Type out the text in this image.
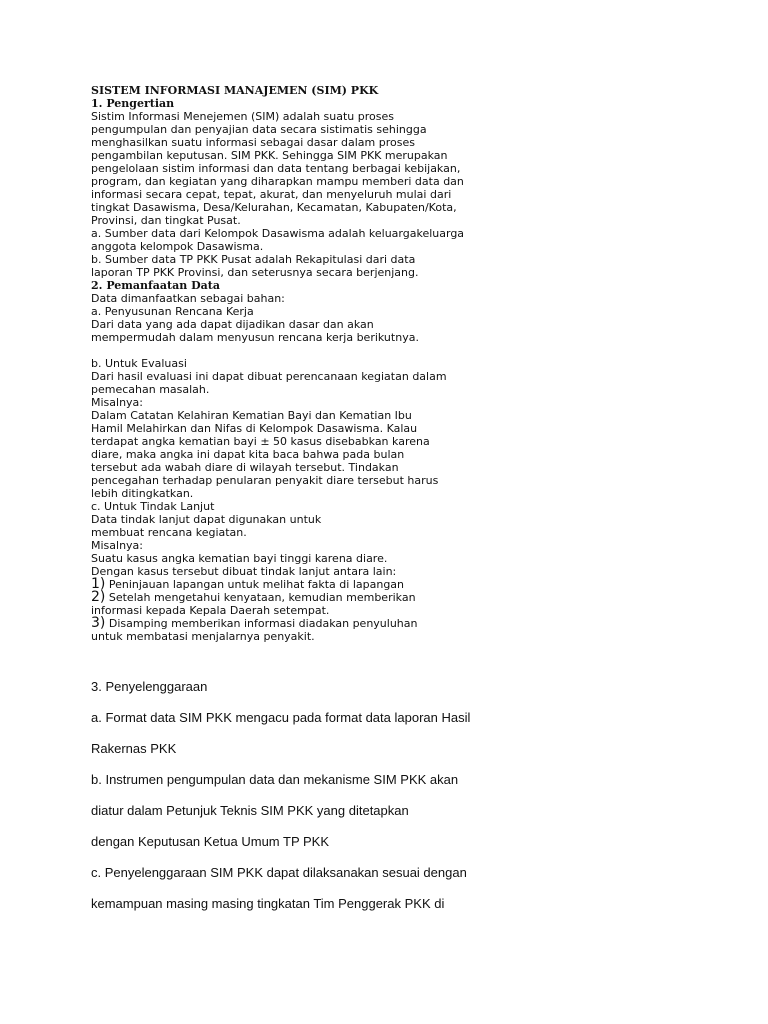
SISTEM INFORMASI MANAJEMEN (SIM) PKK
1. Pengertian
Sistim Informasi Menejemen (SIM) adalah suatu proses
pengumpulan dan penyajian data secara sistimatis sehingga
menghasilkan suatu informasi sebagai dasar dalam proses
pengambilan keputusan. SIM PKK. Sehingga SIM PKK merupakan
pengelolaan sistim informasi dan data tentang berbagai kebijakan,
program, dan kegiatan yang diharapkan mampu memberi data dan
informasi secara cepat, tepat, akurat, dan menyeluruh mulai dari
tingkat Dasawisma, Desa/Kelurahan, Kecamatan, Kabupaten/Kota,
Provinsi, dan tingkat Pusat.
a. Sumber data dari Kelompok Dasawisma adalah keluargakeluarga
anggota kelompok Dasawisma.
b. Sumber data TP PKK Pusat adalah Rekapitulasi dari data
laporan TP PKK Provinsi, dan seterusnya secara berjenjang.
2. Pemanfaatan Data
Data dimanfaatkan sebagai bahan:
a. Penyusunan Rencana Kerja
Dari data yang ada dapat dijadikan dasar dan akan
mempermudah dalam menyusun rencana kerja berikutnya.
b. Untuk Evaluasi
Dari hasil evaluasi ini dapat dibuat perencanaan kegiatan dalam
pemecahan masalah.
Misalnya:
Dalam Catatan Kelahiran Kematian Bayi dan Kematian Ibu
Hamil Melahirkan dan Nifas di Kelompok Dasawisma. Kalau
terdapat angka kematian bayi ± 50 kasus disebabkan karena
diare, maka angka ini dapat kita baca bahwa pada bulan
tersebut ada wabah diare di wilayah tersebut. Tindakan
pencegahan terhadap penularan penyakit diare tersebut harus
lebih ditingkatkan.
c. Untuk Tindak Lanjut
Data tindak lanjut dapat digunakan untuk
membuat rencana kegiatan.
Misalnya:
Suatu kasus angka kematian bayi tinggi karena diare.
Dengan kasus tersebut dibuat tindak lanjut antara lain:
1) Peninjauan lapangan untuk melihat fakta di lapangan
2) Setelah mengetahui kenyataan, kemudian memberikan
informasi kepada Kepala Daerah setempat.
3) Disamping memberikan informasi diadakan penyuluhan
untuk membatasi menjalarnya penyakit.
3. Penyelenggaraan
a. Format data SIM PKK mengacu pada format data laporan Hasil
Rakernas PKK
b. Instrumen pengumpulan data dan mekanisme SIM PKK akan
diatur dalam Petunjuk Teknis SIM PKK yang ditetapkan
dengan Keputusan Ketua Umum TP PKK
c. Penyelenggaraan SIM PKK dapat dilaksanakan sesuai dengan
kemampuan masing masing tingkatan Tim Penggerak PKK di
